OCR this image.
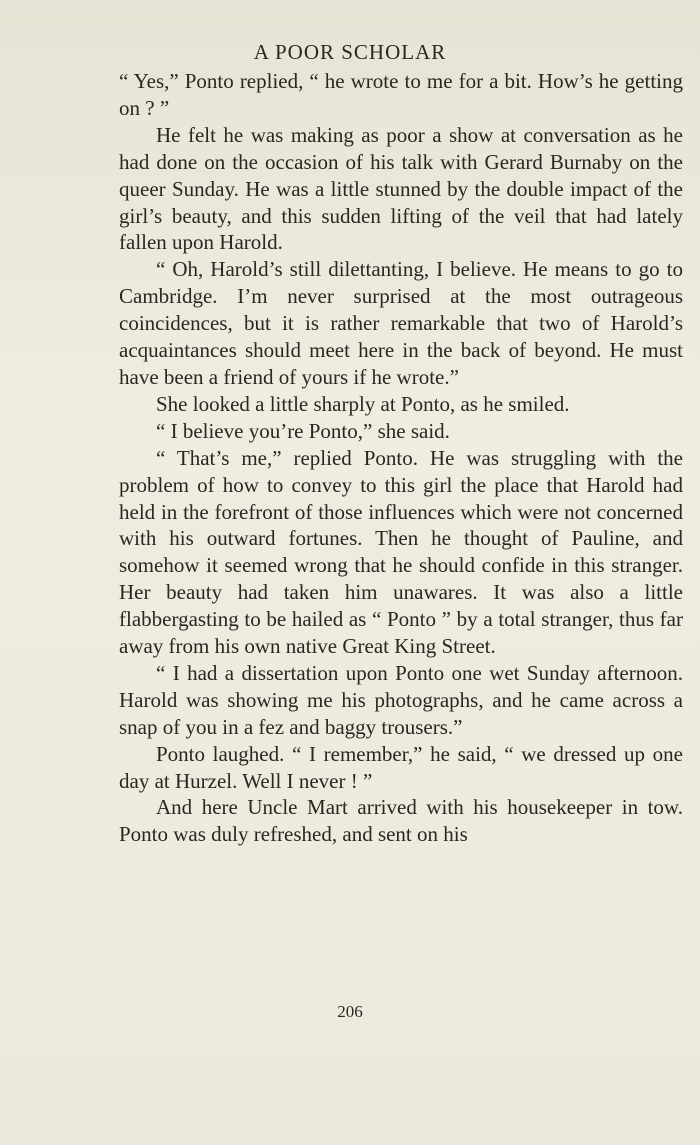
A POOR SCHOLAR

“ Yes,” Ponto replied, “ he wrote to me for a bit. How’s he getting on ? ”

He felt he was making as poor a show at conversation as he had done on the occasion of his talk with Gerard Burnaby on the queer Sunday. He was a little stunned by the double impact of the girl’s beauty, and this sudden lifting of the veil that had lately fallen upon Harold.

“ Oh, Harold’s still dilettanting, I believe. He means to go to Cambridge. I’m never surprised at the most outrageous coincidences, but it is rather remarkable that two of Harold’s acquaintances should meet here in the back of beyond. He must have been a friend of yours if he wrote.”

She looked a little sharply at Ponto, as he smiled.

“ I believe you’re Ponto,” she said.

“ That’s me,” replied Ponto. He was struggling with the problem of how to convey to this girl the place that Harold had held in the forefront of those influences which were not concerned with his outward fortunes. Then he thought of Pauline, and somehow it seemed wrong that he should confide in this stranger. Her beauty had taken him unawares. It was also a little flabbergasting to be hailed as “ Ponto ” by a total stranger, thus far away from his own native Great King Street.

“ I had a dissertation upon Ponto one wet Sunday afternoon. Harold was showing me his photographs, and he came across a snap of you in a fez and baggy trousers.”

Ponto laughed. “ I remember,” he said, “ we dressed up one day at Hurzel. Well I never ! ”

And here Uncle Mart arrived with his housekeeper in tow. Ponto was duly refreshed, and sent on his

206
